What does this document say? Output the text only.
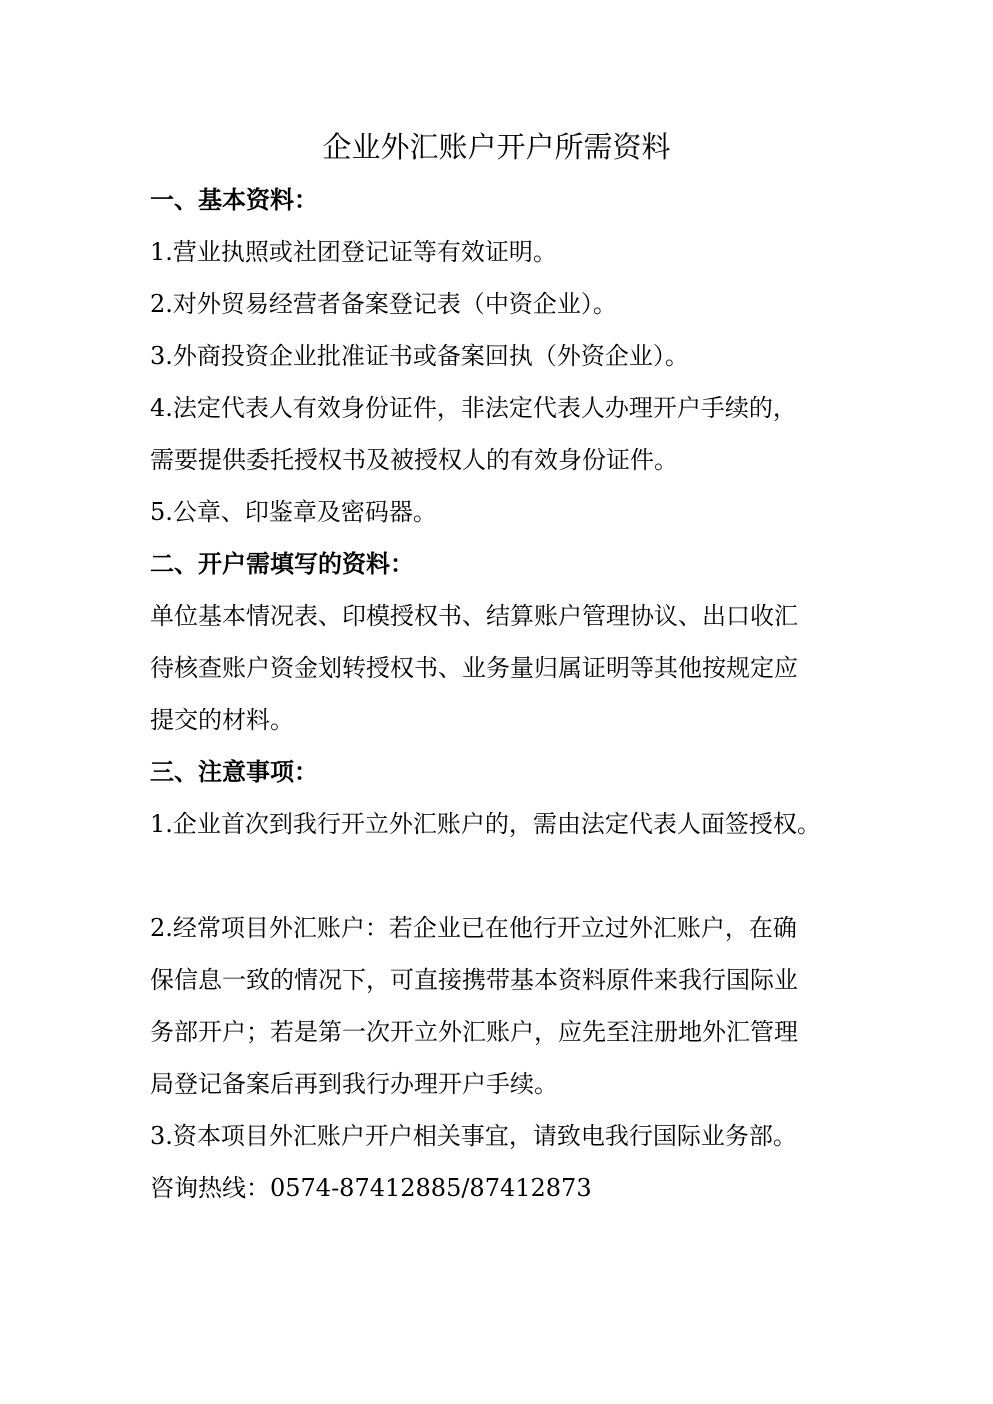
企业外汇账户开户所需资料
一、基本资料：
1.营业执照或社团登记证等有效证明。
2.对外贸易经营者备案登记表（中资企业）。
3.外商投资企业批准证书或备案回执（外资企业）。
4.法定代表人有效身份证件，非法定代表人办理开户手续的，
需要提供委托授权书及被授权人的有效身份证件。
5.公章、印鉴章及密码器。
二、开户需填写的资料：
单位基本情况表、印模授权书、结算账户管理协议、出口收汇
待核查账户资金划转授权书、业务量归属证明等其他按规定应
提交的材料。
三、注意事项：
1.企业首次到我行开立外汇账户的，需由法定代表人面签授权。
2.经常项目外汇账户：若企业已在他行开立过外汇账户，在确
保信息一致的情况下，可直接携带基本资料原件来我行国际业
务部开户；若是第一次开立外汇账户，应先至注册地外汇管理
局登记备案后再到我行办理开户手续。
3.资本项目外汇账户开户相关事宜，请致电我行国际业务部。
咨询热线：0574-87412885/87412873
